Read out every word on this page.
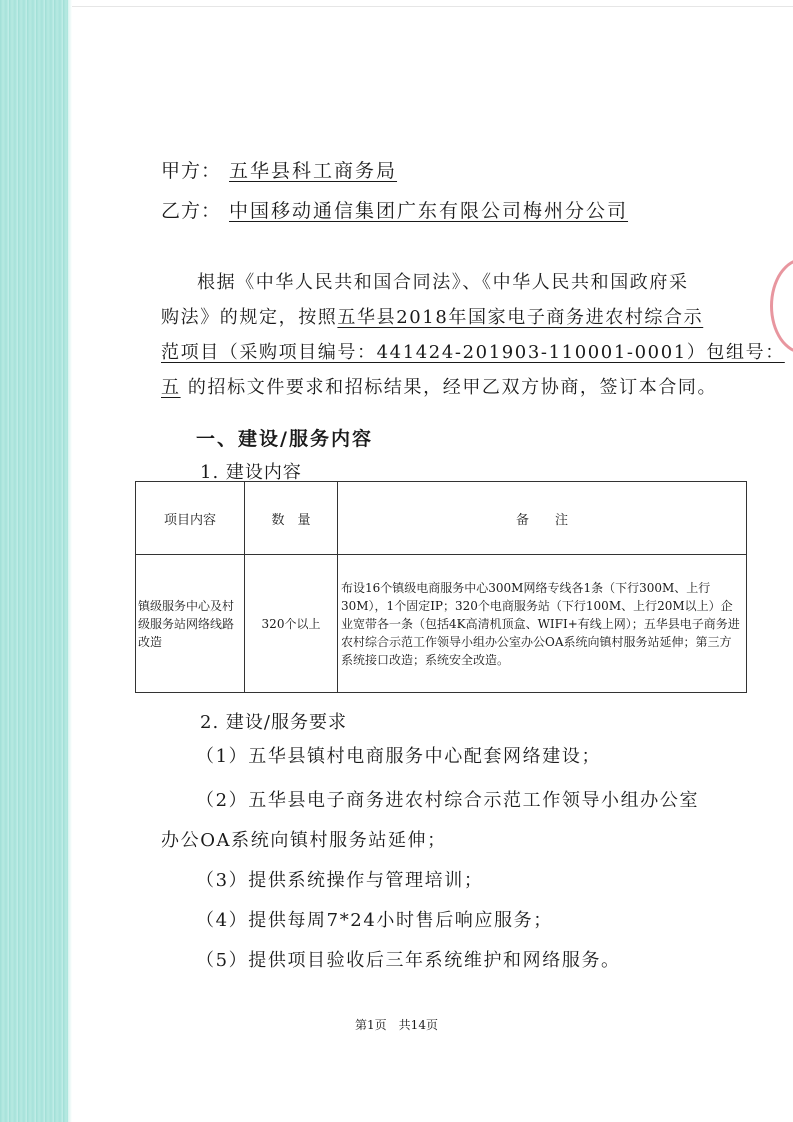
甲方： 五华县科工商务局
乙方： 中国移动通信集团广东有限公司梅州分公司

根据《中华人民共和国合同法》、《中华人民共和国政府采

购法》的规定，按照五华县2018年国家电子商务进农村综合示

范项目（采购项目编号：441424-201903-110001-0001）包组号：

五 的招标文件要求和招标结果，经甲乙双方协商，签订本合同。

一、建设/服务内容
1. 建设内容
项目内容	数　量	备　　注
镇级服务中心及村级服务站网络线路改造	320个以上	布设16个镇级电商服务中心300M网络专线各1条（下行300M、上行30M），1个固定IP；320个电商服务站（下行100M、上行20M以上）企业宽带各一条（包括4K高清机顶盒、WIFI+有线上网）；五华县电子商务进农村综合示范工作领导小组办公室办公OA系统向镇村服务站延伸；第三方系统接口改造；系统安全改造。
2. 建设/服务要求
（1）五华县镇村电商服务中心配套网络建设；
（2）五华县电子商务进农村综合示范工作领导小组办公室
办公OA系统向镇村服务站延伸；
（3）提供系统操作与管理培训；
（4）提供每周7*24小时售后响应服务；
（5）提供项目验收后三年系统维护和网络服务。
第1页　共14页
